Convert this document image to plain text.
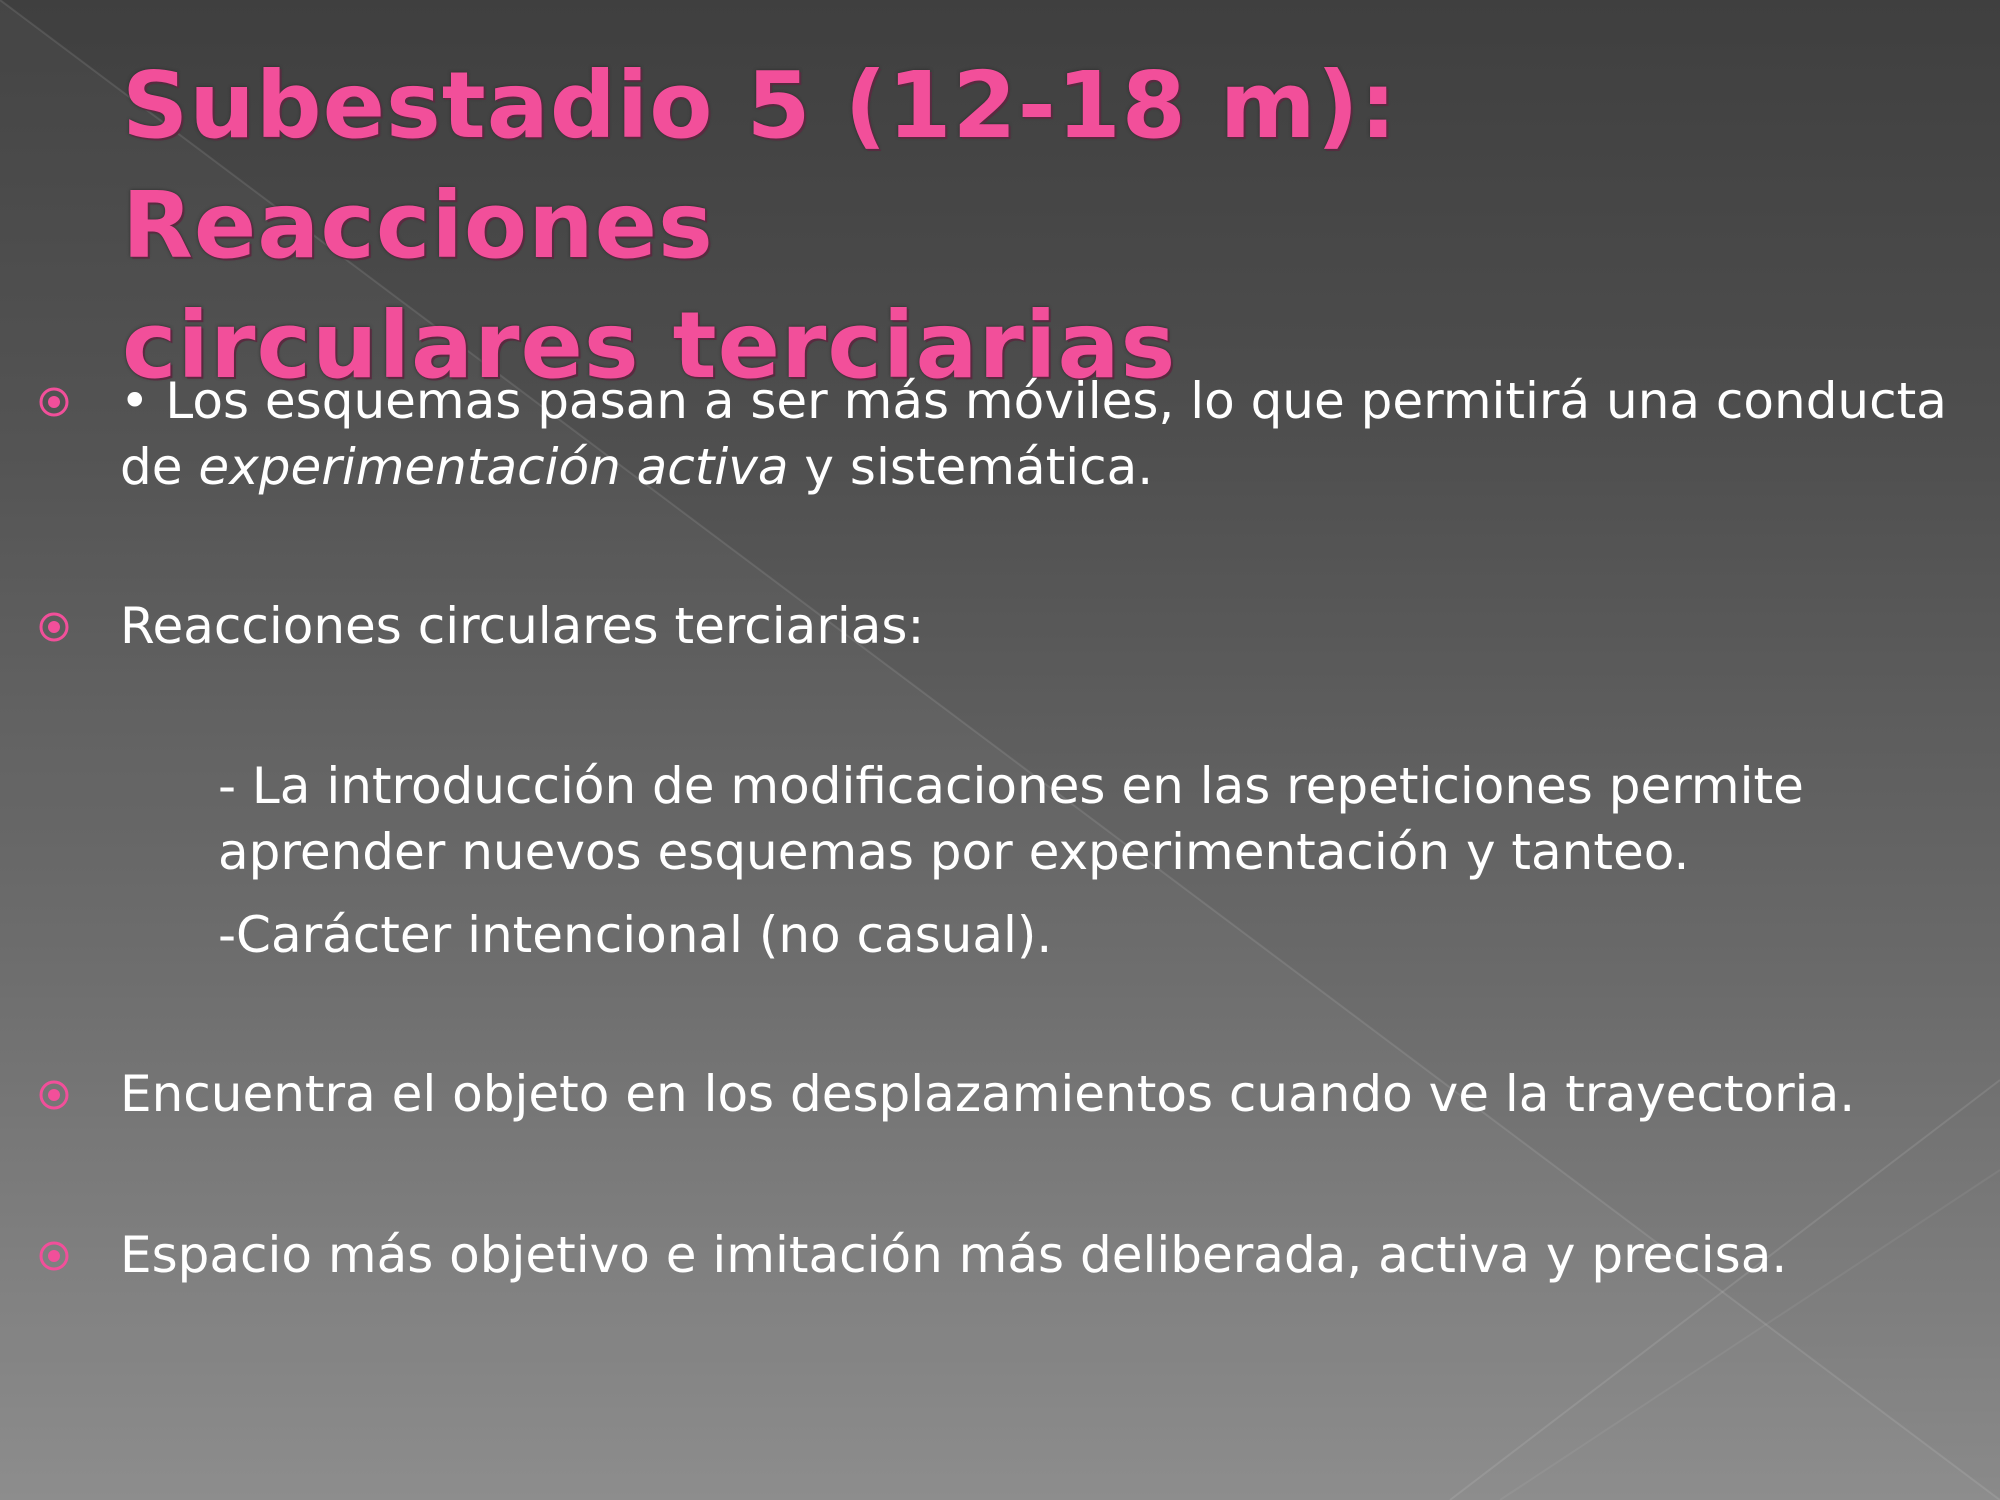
Subestadio 5 (12-18 m): Reacciones
circulares terciarias

• Los esquemas pasan a ser más móviles, lo que permitirá una conducta de experimentación activa y sistemática.

Reacciones circulares terciarias:

- La introducción de modificaciones en las repeticiones permite aprender nuevos esquemas por experimentación y tanteo.

-Carácter intencional (no casual).

Encuentra el objeto en los desplazamientos cuando ve la trayectoria.

Espacio más objetivo e imitación más deliberada, activa y precisa.
